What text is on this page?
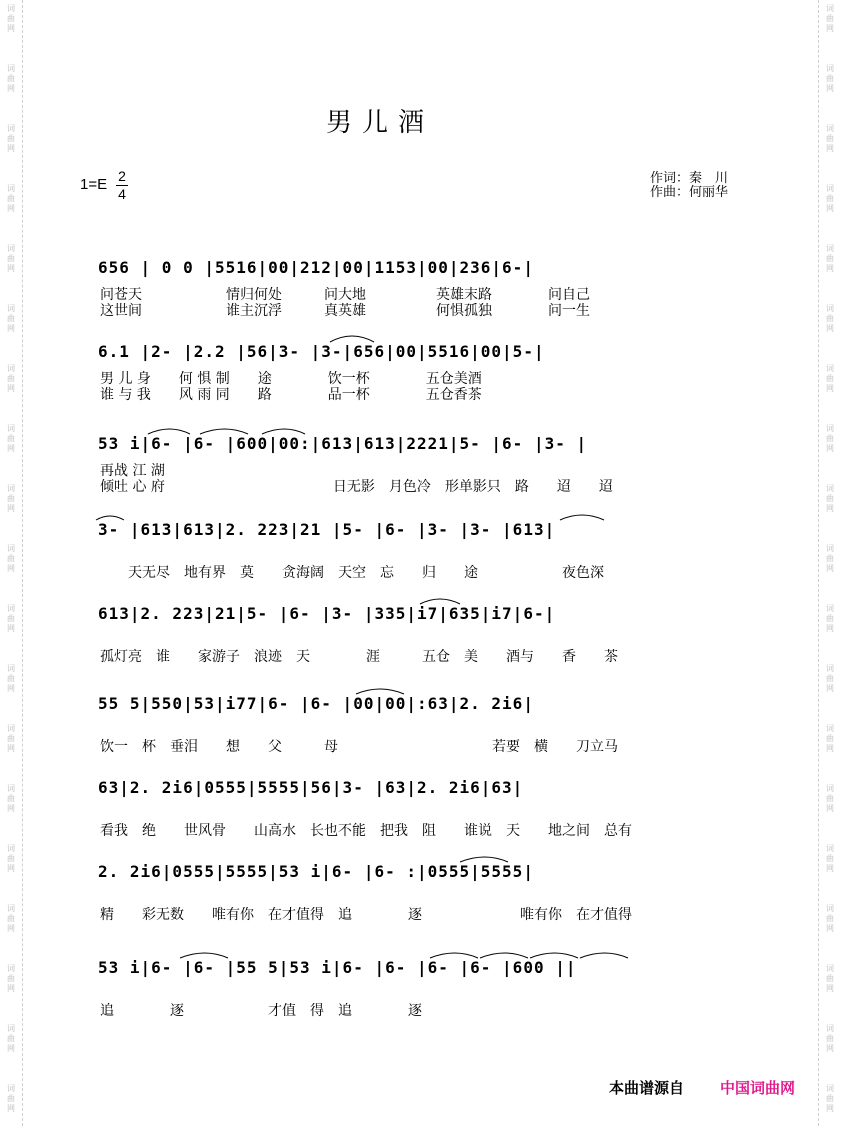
词
曲
网
词
曲
网
词
曲
网
词
曲
网
词
曲
网
词
曲
网
词
曲
网
词
曲
网
词
曲
网
词
曲
网
词
曲
网
词
曲
网
词
曲
网
词
曲
网
词
曲
网
词
曲
网
词
曲
网
词
曲
网
词
曲
网
词
曲
网
词
曲
网
词
曲
网
词
曲
网
词
曲
网
词
曲
网
词
曲
网
词
曲
网
词
曲
网
词
曲
网
词
曲
网
词
曲
网
词
曲
网
词
曲
网
词
曲
网
词
曲
网
词
曲
网
词
曲
网
词
曲
网
男儿酒
1=E 2
4
作词：秦　川
作曲：何丽华
656 | 0 0 |5516|00|212|00|1153|00|236|6-|
问苍天　　　　　　情归何处　　　问大地　　　　　英雄末路　　　　问自己
这世间　　　　　　谁主沉浮　　　真英雄　　　　　何惧孤独　　　　问一生
6.1 |2- |2.2 |56|3- |3-|656|00|5516|00|5-|
男 儿 身　　何 惧 制　　途　　　　饮一杯　　　　五仓美酒
谁 与 我　　风 雨 同　　路　　　　品一杯　　　　五仓香茶
53 i|6- |6- |600|00:|613|613|2221|5- |6- |3- |
再战 江 湖
倾吐 心 府　　　　　　　　　　　　日无影　月色冷　形单影只　路　　迢　　迢
3- |613|613|2. 223|21 |5- |6- |3- |3- |613|
　　天无尽　地有界　莫　　贪海阔　天空　忘　　归　　途　　　　　　夜色深
613|2. 223|21|5- |6- |3- |335|i7|635|i7|6-|
孤灯亮　谁　　家游子　浪迹　天　　　　涯　　　五仓　美　　酒与　　香　　茶
55 5|550|53|i77|6- |6- |00|00|:63|2. 2i6|
饮一　杯　垂泪　　想　　父　　　母　　　　　　　　　　　若要　横　　刀立马
63|2. 2i6|0555|5555|56|3- |63|2. 2i6|63|
看我　绝　　世风骨　　山高水　长也不能　把我　阻　　谁说　天　　地之间　总有
2. 2i6|0555|5555|53 i|6- |6- :|0555|5555|
精　　彩无数　　唯有你　在才值得　追　　　　逐　　　　　　　唯有你　在才值得
53 i|6- |6- |55 5|53 i|6- |6- |6- |6- |600 ||
追　　　　逐　　　　　　才值　得　追　　　　逐
本曲谱源自 中国词曲网
